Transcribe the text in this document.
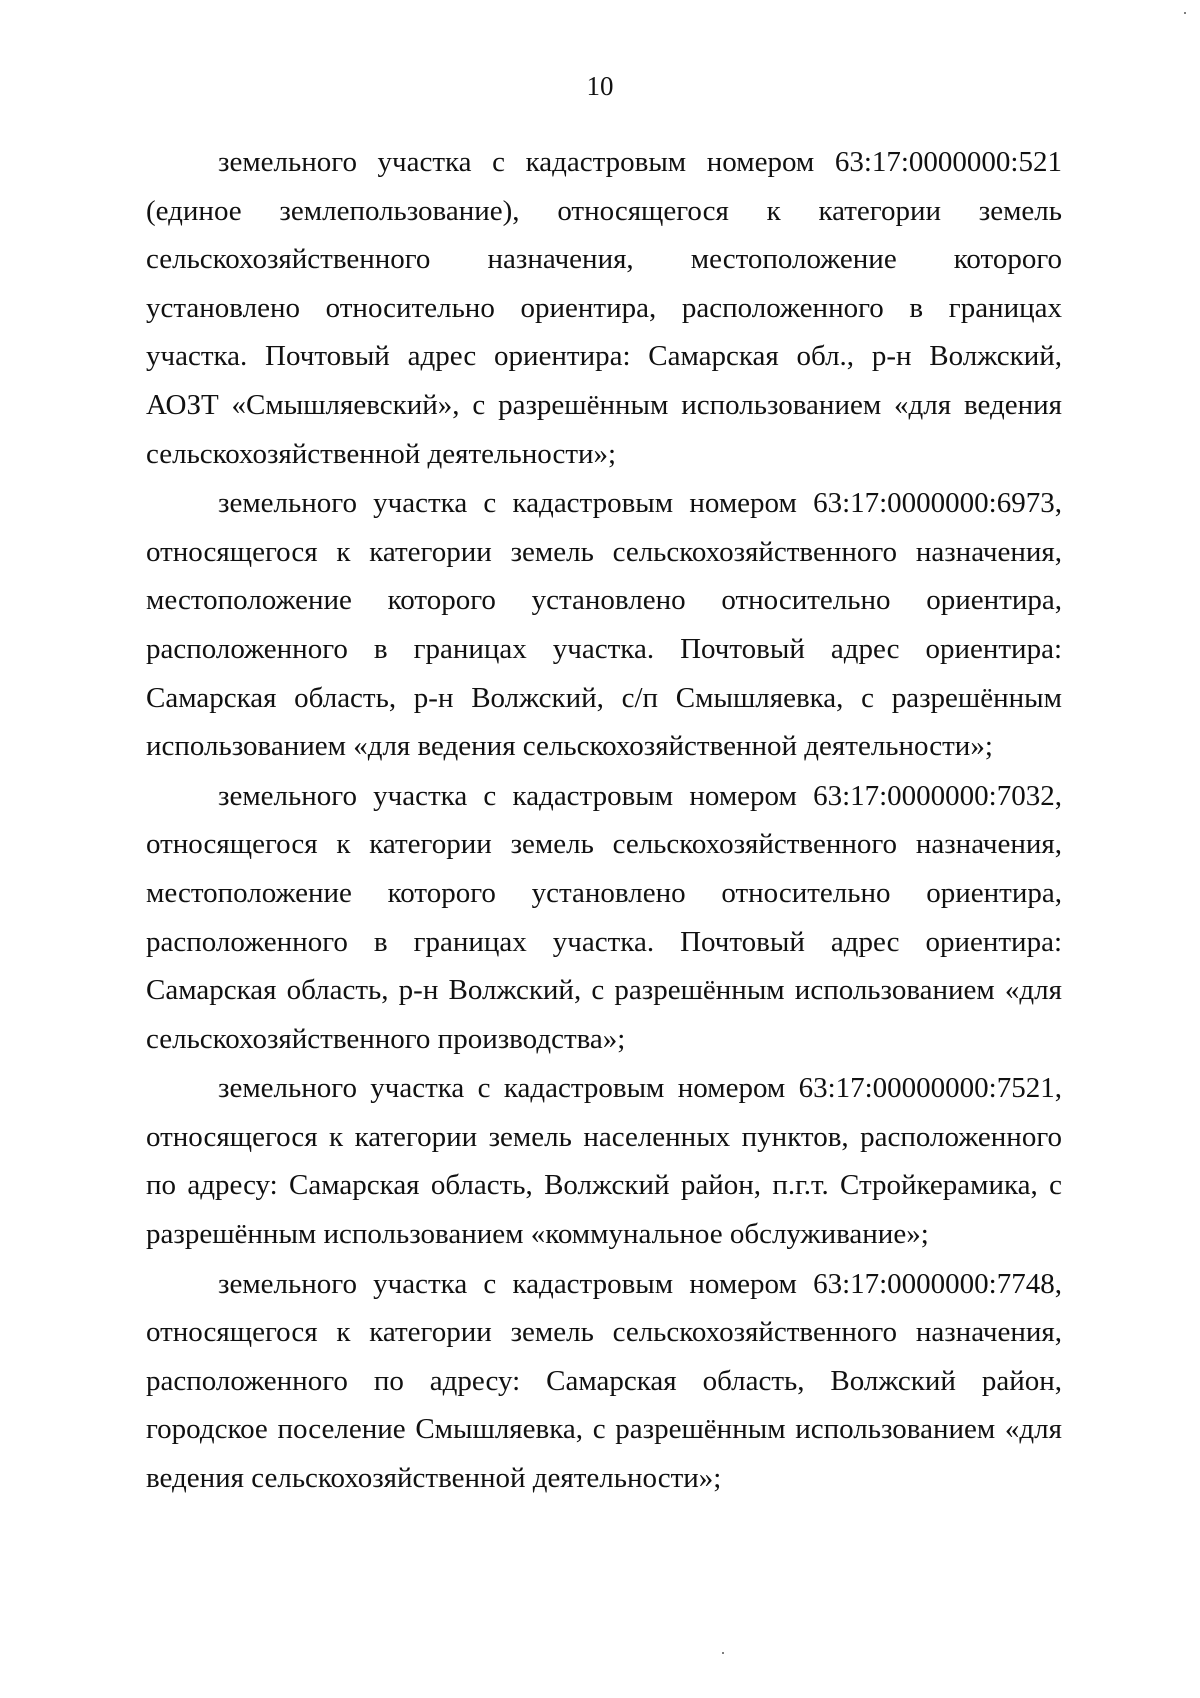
10

земельного участка с кадастровым номером 63:17:0000000:521 (единое землепользование), относящегося к категории земель сельскохозяйственного назначения, местоположение которого установлено относительно ориентира, расположенного в границах участка. Почтовый адрес ориентира: Самарская обл., р-н Волжский, АОЗТ «Смышляевский», с разрешённым использованием «для ведения сельскохозяйственной деятельности»;

земельного участка с кадастровым номером 63:17:0000000:6973, относящегося к категории земель сельскохозяйственного назначения, местоположение которого установлено относительно ориентира, расположенного в границах участка. Почтовый адрес ориентира: Самарская область, р-н Волжский, с/п Смышляевка, с разрешённым использованием «для ведения сельскохозяйственной деятельности»;

земельного участка с кадастровым номером 63:17:0000000:7032, относящегося к категории земель сельскохозяйственного назначения, местоположение которого установлено относительно ориентира, расположенного в границах участка. Почтовый адрес ориентира: Самарская область, р-н Волжский, с разрешённым использованием «для сельскохозяйственного производства»;

земельного участка с кадастровым номером 63:17:00000000:7521, относящегося к категории земель населенных пунктов, расположенного по адресу: Самарская область, Волжский район, п.г.т. Стройкерамика, с разрешённым использованием «коммунальное обслуживание»;

земельного участка с кадастровым номером 63:17:0000000:7748, относящегося к категории земель сельскохозяйственного назначения, расположенного по адресу: Самарская область, Волжский район, городское поселение Смышляевка, с разрешённым использованием «для ведения сельскохозяйственной деятельности»;
